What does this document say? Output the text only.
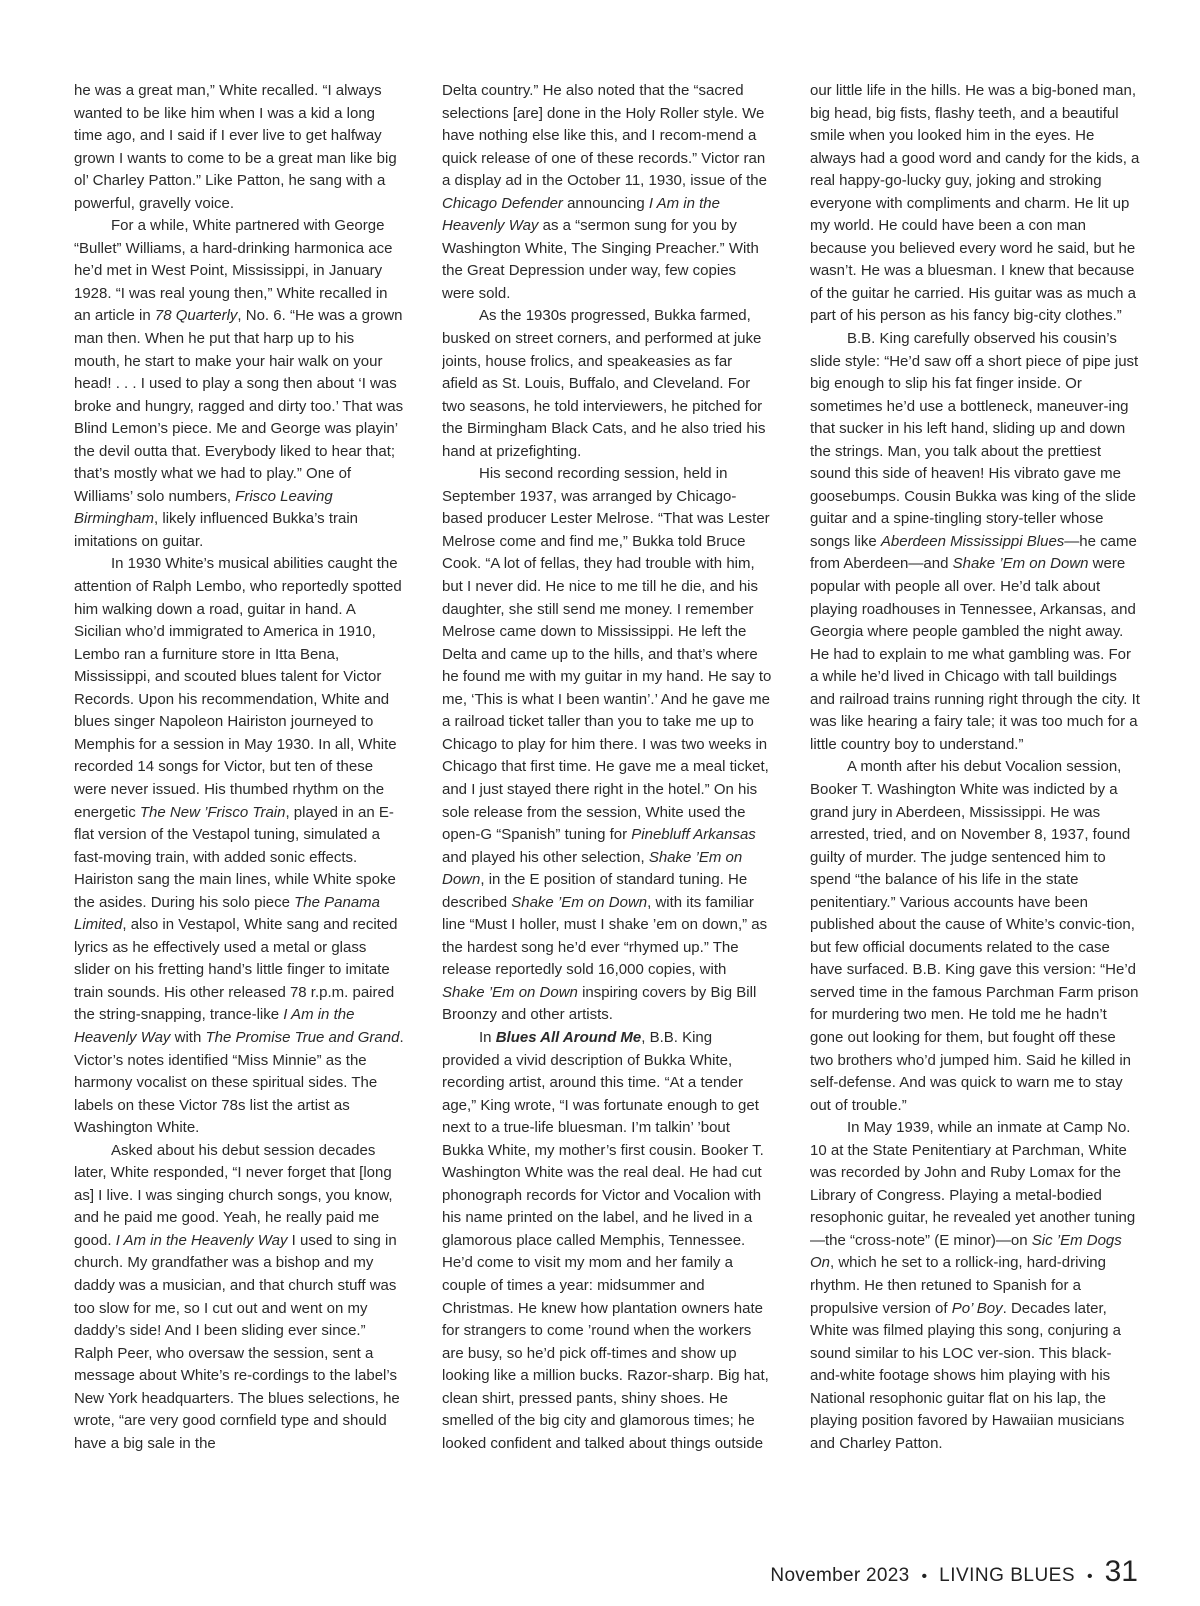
he was a great man,” White recalled. “I always wanted to be like him when I was a kid a long time ago, and I said if I ever live to get halfway grown I wants to come to be a great man like big ol’ Charley Patton.” Like Patton, he sang with a powerful, gravelly voice.

For a while, White partnered with George “Bullet” Williams, a hard-drinking harmonica ace he’d met in West Point, Mississippi, in January 1928. “I was real young then,” White recalled in an article in 78 Quarterly, No. 6. “He was a grown man then. When he put that harp up to his mouth, he start to make your hair walk on your head! . . . I used to play a song then about ‘I was broke and hungry, ragged and dirty too.’ That was Blind Lemon’s piece. Me and George was playin’ the devil outta that. Everybody liked to hear that; that’s mostly what we had to play.” One of Williams’ solo numbers, Frisco Leaving Birmingham, likely influenced Bukka’s train imitations on guitar.

In 1930 White’s musical abilities caught the attention of Ralph Lembo, who reportedly spotted him walking down a road, guitar in hand. A Sicilian who’d immigrated to America in 1910, Lembo ran a furniture store in Itta Bena, Mississippi, and scouted blues talent for Victor Records. Upon his recommendation, White and blues singer Napoleon Hairiston journeyed to Memphis for a session in May 1930. In all, White recorded 14 songs for Victor, but ten of these were never issued. His thumbed rhythm on the energetic The New ’Frisco Train, played in an E-flat version of the Vestapol tuning, simulated a fast-moving train, with added sonic effects. Hairiston sang the main lines, while White spoke the asides. During his solo piece The Panama Limited, also in Vestapol, White sang and recited lyrics as he effectively used a metal or glass slider on his fretting hand’s little finger to imitate train sounds. His other released 78 r.p.m. paired the string-snapping, trance-like I Am in the Heavenly Way with The Promise True and Grand. Victor’s notes identified “Miss Minnie” as the harmony vocalist on these spiritual sides. The labels on these Victor 78s list the artist as Washington White.

Asked about his debut session decades later, White responded, “I never forget that [long as] I live. I was singing church songs, you know, and he paid me good. Yeah, he really paid me good. I Am in the Heavenly Way I used to sing in church. My grandfather was a bishop and my daddy was a musician, and that church stuff was too slow for me, so I cut out and went on my daddy’s side! And I been sliding ever since.” Ralph Peer, who oversaw the session, sent a message about White’s re-cordings to the label’s New York headquarters. The blues selections, he wrote, “are very good cornfield type and should have a big sale in the

Delta country.” He also noted that the “sacred selections [are] done in the Holy Roller style. We have nothing else like this, and I recom-mend a quick release of one of these records.” Victor ran a display ad in the October 11, 1930, issue of the Chicago Defender announcing I Am in the Heavenly Way as a “sermon sung for you by Washington White, The Singing Preacher.” With the Great Depression under way, few copies were sold.

As the 1930s progressed, Bukka farmed, busked on street corners, and performed at juke joints, house frolics, and speakeasies as far afield as St. Louis, Buffalo, and Cleveland. For two seasons, he told interviewers, he pitched for the Birmingham Black Cats, and he also tried his hand at prizefighting.

His second recording session, held in September 1937, was arranged by Chicago-based producer Lester Melrose. “That was Lester Melrose come and find me,” Bukka told Bruce Cook. “A lot of fellas, they had trouble with him, but I never did. He nice to me till he die, and his daughter, she still send me money. I remember Melrose came down to Mississippi. He left the Delta and came up to the hills, and that’s where he found me with my guitar in my hand. He say to me, ‘This is what I been wantin’.’ And he gave me a railroad ticket taller than you to take me up to Chicago to play for him there. I was two weeks in Chicago that first time. He gave me a meal ticket, and I just stayed there right in the hotel.” On his sole release from the session, White used the open-G “Spanish” tuning for Pinebluff Arkansas and played his other selection, Shake ’Em on Down, in the E position of standard tuning. He described Shake ’Em on Down, with its familiar line “Must I holler, must I shake ’em on down,” as the hardest song he’d ever “rhymed up.” The release reportedly sold 16,000 copies, with Shake ’Em on Down inspiring covers by Big Bill Broonzy and other artists.

In Blues All Around Me, B.B. King provided a vivid description of Bukka White, recording artist, around this time. “At a tender age,” King wrote, “I was fortunate enough to get next to a true-life bluesman. I’m talkin’ ’bout Bukka White, my mother’s first cousin. Booker T. Washington White was the real deal. He had cut phonograph records for Victor and Vocalion with his name printed on the label, and he lived in a glamorous place called Memphis, Tennessee. He’d come to visit my mom and her family a couple of times a year: midsummer and Christmas. He knew how plantation owners hate for strangers to come ’round when the workers are busy, so he’d pick off-times and show up looking like a million bucks. Razor-sharp. Big hat, clean shirt, pressed pants, shiny shoes. He smelled of the big city and glamorous times; he looked confident and talked about things outside

our little life in the hills. He was a big-boned man, big head, big fists, flashy teeth, and a beautiful smile when you looked him in the eyes. He always had a good word and candy for the kids, a real happy-go-lucky guy, joking and stroking everyone with compliments and charm. He lit up my world. He could have been a con man because you believed every word he said, but he wasn’t. He was a bluesman. I knew that because of the guitar he carried. His guitar was as much a part of his person as his fancy big-city clothes.”

B.B. King carefully observed his cousin’s slide style: “He’d saw off a short piece of pipe just big enough to slip his fat finger inside. Or sometimes he’d use a bottleneck, maneuver-ing that sucker in his left hand, sliding up and down the strings. Man, you talk about the prettiest sound this side of heaven! His vibrato gave me goosebumps. Cousin Bukka was king of the slide guitar and a spine-tingling story-teller whose songs like Aberdeen Mississippi Blues—he came from Aberdeen—and Shake ’Em on Down were popular with people all over. He’d talk about playing roadhouses in Tennessee, Arkansas, and Georgia where people gambled the night away. He had to explain to me what gambling was. For a while he’d lived in Chicago with tall buildings and railroad trains running right through the city. It was like hearing a fairy tale; it was too much for a little country boy to understand.”

A month after his debut Vocalion session, Booker T. Washington White was indicted by a grand jury in Aberdeen, Mississippi. He was arrested, tried, and on November 8, 1937, found guilty of murder. The judge sentenced him to spend “the balance of his life in the state penitentiary.” Various accounts have been published about the cause of White’s convic-tion, but few official documents related to the case have surfaced. B.B. King gave this version: “He’d served time in the famous Parchman Farm prison for murdering two men. He told me he hadn’t gone out looking for them, but fought off these two brothers who’d jumped him. Said he killed in self-defense. And was quick to warn me to stay out of trouble.”

In May 1939, while an inmate at Camp No. 10 at the State Penitentiary at Parchman, White was recorded by John and Ruby Lomax for the Library of Congress. Playing a metal-bodied resophonic guitar, he revealed yet another tuning—the “cross-note” (E minor)—on Sic ’Em Dogs On, which he set to a rollick-ing, hard-driving rhythm. He then retuned to Spanish for a propulsive version of Po’ Boy. Decades later, White was filmed playing this song, conjuring a sound similar to his LOC ver-sion. This black-and-white footage shows him playing with his National resophonic guitar flat on his lap, the playing position favored by Hawaiian musicians and Charley Patton.

November 2023 • LIVING BLUES • 31
